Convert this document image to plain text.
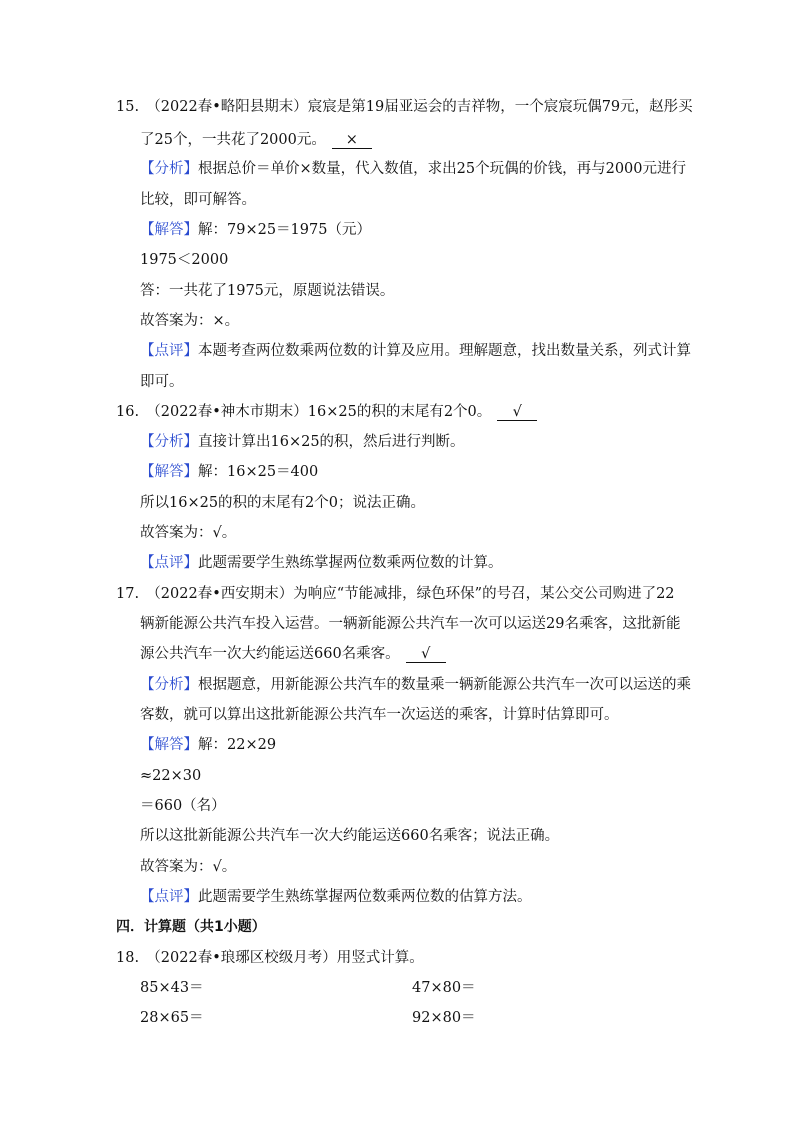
15.　（2022春•略阳县期末）宸宸是第19届亚运会的吉祥物，一个宸宸玩偶79元，赵彤买
了25个，一共花了2000元。 ×
【分析】根据总价＝单价×数量，代入数值，求出25个玩偶的价钱，再与2000元进行
比较，即可解答。
【解答】解：79×25＝1975（元）
1975＜2000
答：一共花了1975元，原题说法错误。
故答案为：×。
【点评】本题考查两位数乘两位数的计算及应用。理解题意，找出数量关系，列式计算
即可。
16.　（2022春•神木市期末）16×25的积的末尾有2个0。 √
【分析】直接计算出16×25的积，然后进行判断。
【解答】解：16×25＝400
所以16×25的积的末尾有2个0；说法正确。
故答案为：√。
【点评】此题需要学生熟练掌握两位数乘两位数的计算。
17.　（2022春•西安期末）为响应“节能减排，绿色环保”的号召，某公交公司购进了22
辆新能源公共汽车投入运营。一辆新能源公共汽车一次可以运送29名乘客，这批新能
源公共汽车一次大约能运送660名乘客。 √
【分析】根据题意，用新能源公共汽车的数量乘一辆新能源公共汽车一次可以运送的乘
客数，就可以算出这批新能源公共汽车一次运送的乘客，计算时估算即可。
【解答】解：22×29
≈22×30
＝660（名）
所以这批新能源公共汽车一次大约能运送660名乘客；说法正确。
故答案为：√。
【点评】此题需要学生熟练掌握两位数乘两位数的估算方法。
四．计算题（共1小题）
18.　（2022春•琅琊区校级月考）用竖式计算。
85×43＝	47×80＝
28×65＝	92×80＝
